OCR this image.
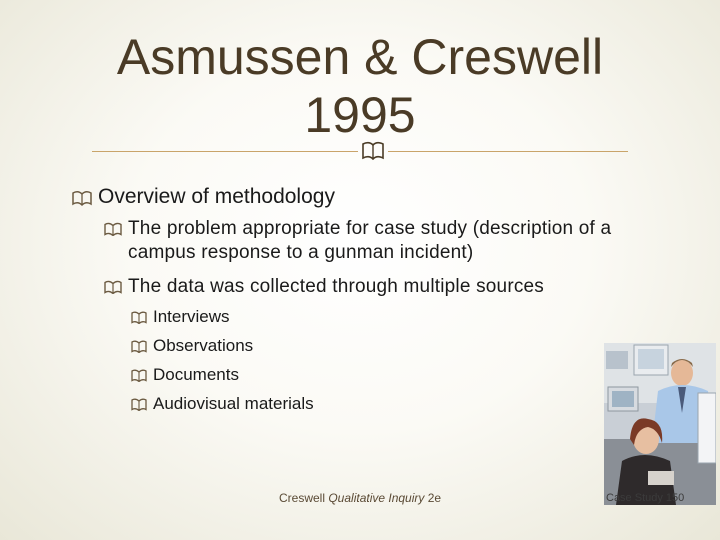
Asmussen & Creswell
1995
Overview of methodology
The problem appropriate for case study (description of a campus response to a gunman incident)
The data was collected through multiple sources
Interviews
Observations
Documents
Audiovisual materials
Creswell Qualitative Inquiry 2e	Case Study 150
